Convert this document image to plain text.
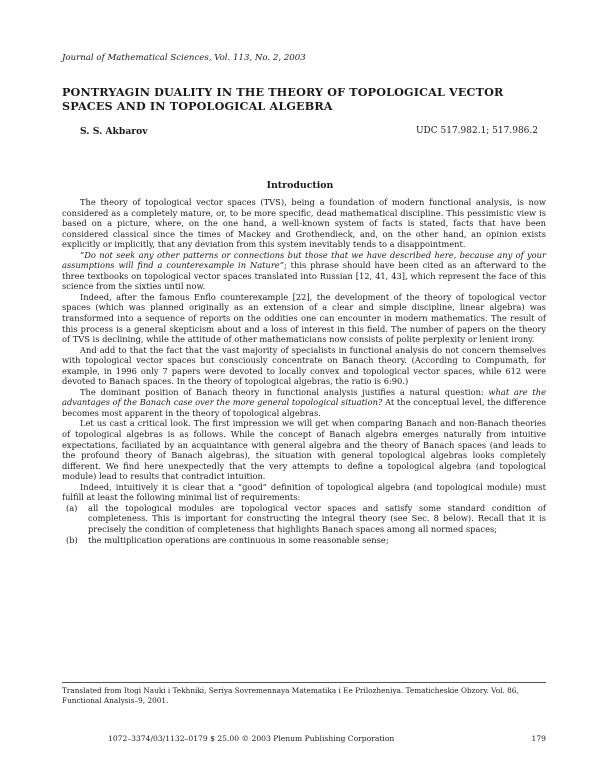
Journal of Mathematical Sciences, Vol. 113, No. 2, 2003
PONTRYAGIN DUALITY IN THE THEORY OF TOPOLOGICAL VECTOR SPACES AND IN TOPOLOGICAL ALGEBRA
S. S. Akbarov	UDC 517.982.1; 517.986.2
Introduction

The theory of topological vector spaces (TVS), being a foundation of modern functional analysis, is now considered as a completely mature, or, to be more specific, dead mathematical discipline. This pessimistic view is based on a picture, where, on the one hand, a well-known system of facts is stated, facts that have been considered classical since the times of Mackey and Grothendieck, and, on the other hand, an opinion exists explicitly or implicitly, that any deviation from this system inevitably tends to a disappointment.

“Do not seek any other patterns or connections but those that we have described here, because any of your assumptions will find a counterexample in Nature”; this phrase should have been cited as an afterward to the three textbooks on topological vector spaces translated into Russian [12, 41, 43], which represent the face of this science from the sixties until now.

Indeed, after the famous Enflo counterexample [22], the development of the theory of topological vector spaces (which was planned originally as an extension of a clear and simple discipline, linear algebra) was transformed into a sequence of reports on the oddities one can encounter in modern mathematics. The result of this process is a general skepticism about and a loss of interest in this field. The number of papers on the theory of TVS is declining, while the attitude of other mathematicians now consists of polite perplexity or lenient irony.

And add to that the fact that the vast majority of specialists in functional analysis do not concern themselves with topological vector spaces but consciously concentrate on Banach theory. (According to Compumath, for example, in 1996 only 7 papers were devoted to locally convex and topological vector spaces, while 612 were devoted to Banach spaces. In the theory of topological algebras, the ratio is 6:90.)

The dominant position of Banach theory in functional analysis justifies a natural question: what are the advantages of the Banach case over the more general topological situation? At the conceptual level, the difference becomes most apparent in the theory of topological algebras.

Let us cast a critical look. The first impression we will get when comparing Banach and non-Banach theories of topological algebras is as follows. While the concept of Banach algebra emerges naturally from intuitive expectations, faciliated by an acquaintance with general algebra and the theory of Banach spaces (and leads to the profound theory of Banach algebras), the situation with general topological algebras looks completely different. We find here unexpectedly that the very attempts to define a topological algebra (and topological module) lead to results that contradict intuition.

Indeed, intuitively it is clear that a “good” definition of topological algebra (and topological module) must fulfill at least the following minimal list of requirements:

(a) all the topological modules are topological vector spaces and satisfy some standard condition of completeness. This is important for constructing the integral theory (see Sec. 8 below). Recall that it is precisely the condition of completeness that highlights Banach spaces among all normed spaces;
(b) the multiplication operations are continuous in some reasonable sense;
Translated from Itogi Nauki i Tekhniki, Seriya Sovremennaya Matematika i Ee Prilozheniya. Tematicheskie Obzory. Vol. 86, Functional Analysis–9, 2001.
1072–3374/03/1132–0179 $ 25.00 © 2003 Plenum Publishing Corporation	179
